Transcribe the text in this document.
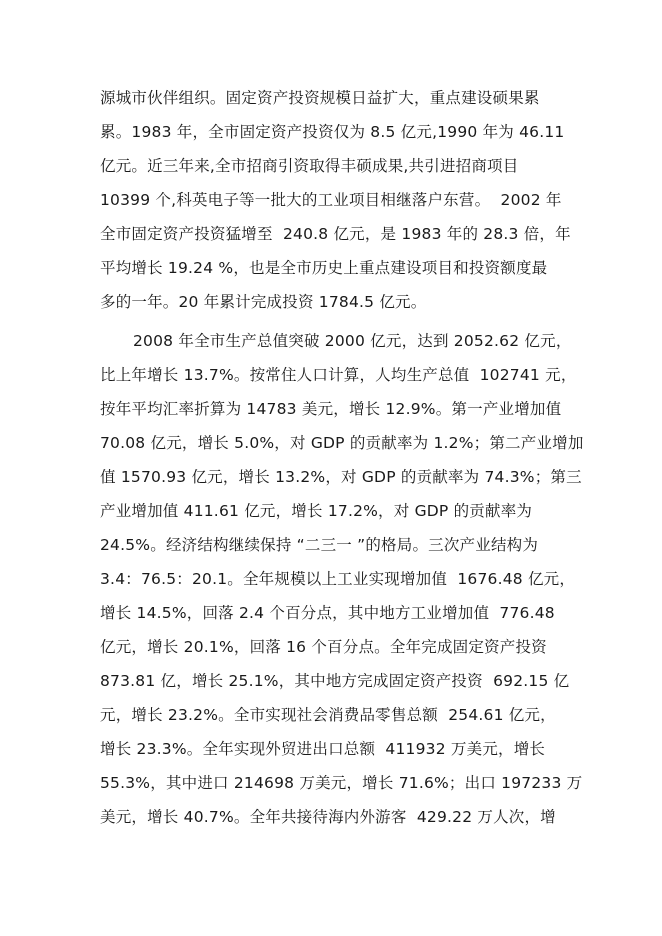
源城市伙伴组织。固定资产投资规模日益扩大，重点建设硕果累
累。1983 年，全市固定资产投资仅为 8.5 亿元,1990 年为 46.11
亿元。近三年来,全市招商引资取得丰硕成果,共引进招商项目
10399 个,科英电子等一批大的工业项目相继落户东营。  2002 年
全市固定资产投资猛增至  240.8 亿元，是 1983 年的 28.3 倍，年
平均增长 19.24 %，也是全市历史上重点建设项目和投资额度最
多的一年。20 年累计完成投资 1784.5 亿元。
2008 年全市生产总值突破 2000 亿元，达到 2052.62 亿元，
比上年增长 13.7%。按常住人口计算，人均生产总值  102741 元，
按年平均汇率折算为 14783 美元，增长 12.9%。第一产业增加值
70.08 亿元，增长 5.0%，对 GDP 的贡献率为 1.2%；第二产业增加
值 1570.93 亿元，增长 13.2%，对 GDP 的贡献率为 74.3%；第三
产业增加值 411.61 亿元，增长 17.2%，对 GDP 的贡献率为
24.5%。经济结构继续保持 “二三一 ”的格局。三次产业结构为
3.4：76.5：20.1。全年规模以上工业实现增加值  1676.48 亿元，
增长 14.5%，回落 2.4 个百分点，其中地方工业增加值  776.48
亿元，增长 20.1%，回落 16 个百分点。全年完成固定资产投资
873.81 亿，增长 25.1%，其中地方完成固定资产投资  692.15 亿
元，增长 23.2%。全市实现社会消费品零售总额  254.61 亿元，
增长 23.3%。全年实现外贸进出口总额  411932 万美元，增长
55.3%，其中进口 214698 万美元，增长 71.6%；出口 197233 万
美元，增长 40.7%。全年共接待海内外游客  429.22 万人次，增
